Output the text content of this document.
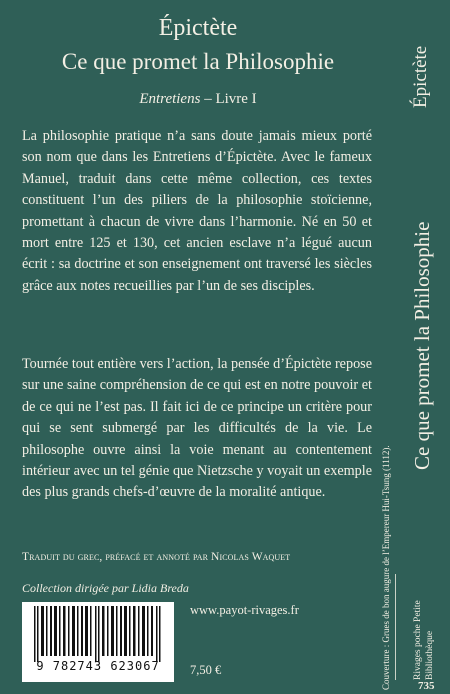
Épictète
Ce que promet la Philosophie
Entretiens – Livre I
La philosophie pratique n’a sans doute jamais mieux porté son nom que dans les Entretiens d’Épictète. Avec le fameux Manuel, traduit dans cette même collection, ces textes constituent l’un des piliers de la philosophie stoïcienne, promettant à chacun de vivre dans l’harmonie. Né en 50 et mort entre 125 et 130, cet ancien esclave n’a légué aucun écrit : sa doctrine et son enseignement ont traversé les siècles grâce aux notes recueillies par l’un de ses disciples.
Tournée tout entière vers l’action, la pensée d’Épictète repose sur une saine compréhension de ce qui est en notre pouvoir et de ce qui ne l’est pas. Il fait ici de ce principe un critère pour qui se sent submergé par les difficultés de la vie. Le philosophe ouvre ainsi la voie menant au contentement intérieur avec un tel génie que Nietzsche y voyait un exemple des plus grands chefs-d’œuvre de la moralité antique.
Traduit du grec, préfacé et annoté par Nicolas Waquet
Collection dirigée par Lidia Breda
9 782743 623067
www.payot-rivages.fr
7,50 €	Couverture : Grues de bon augure de l’Empereur Hui-Tsung (1112).
Épictète
Ce que promet la Philosophie
Rivages poche Petite Bibliothèque
735
